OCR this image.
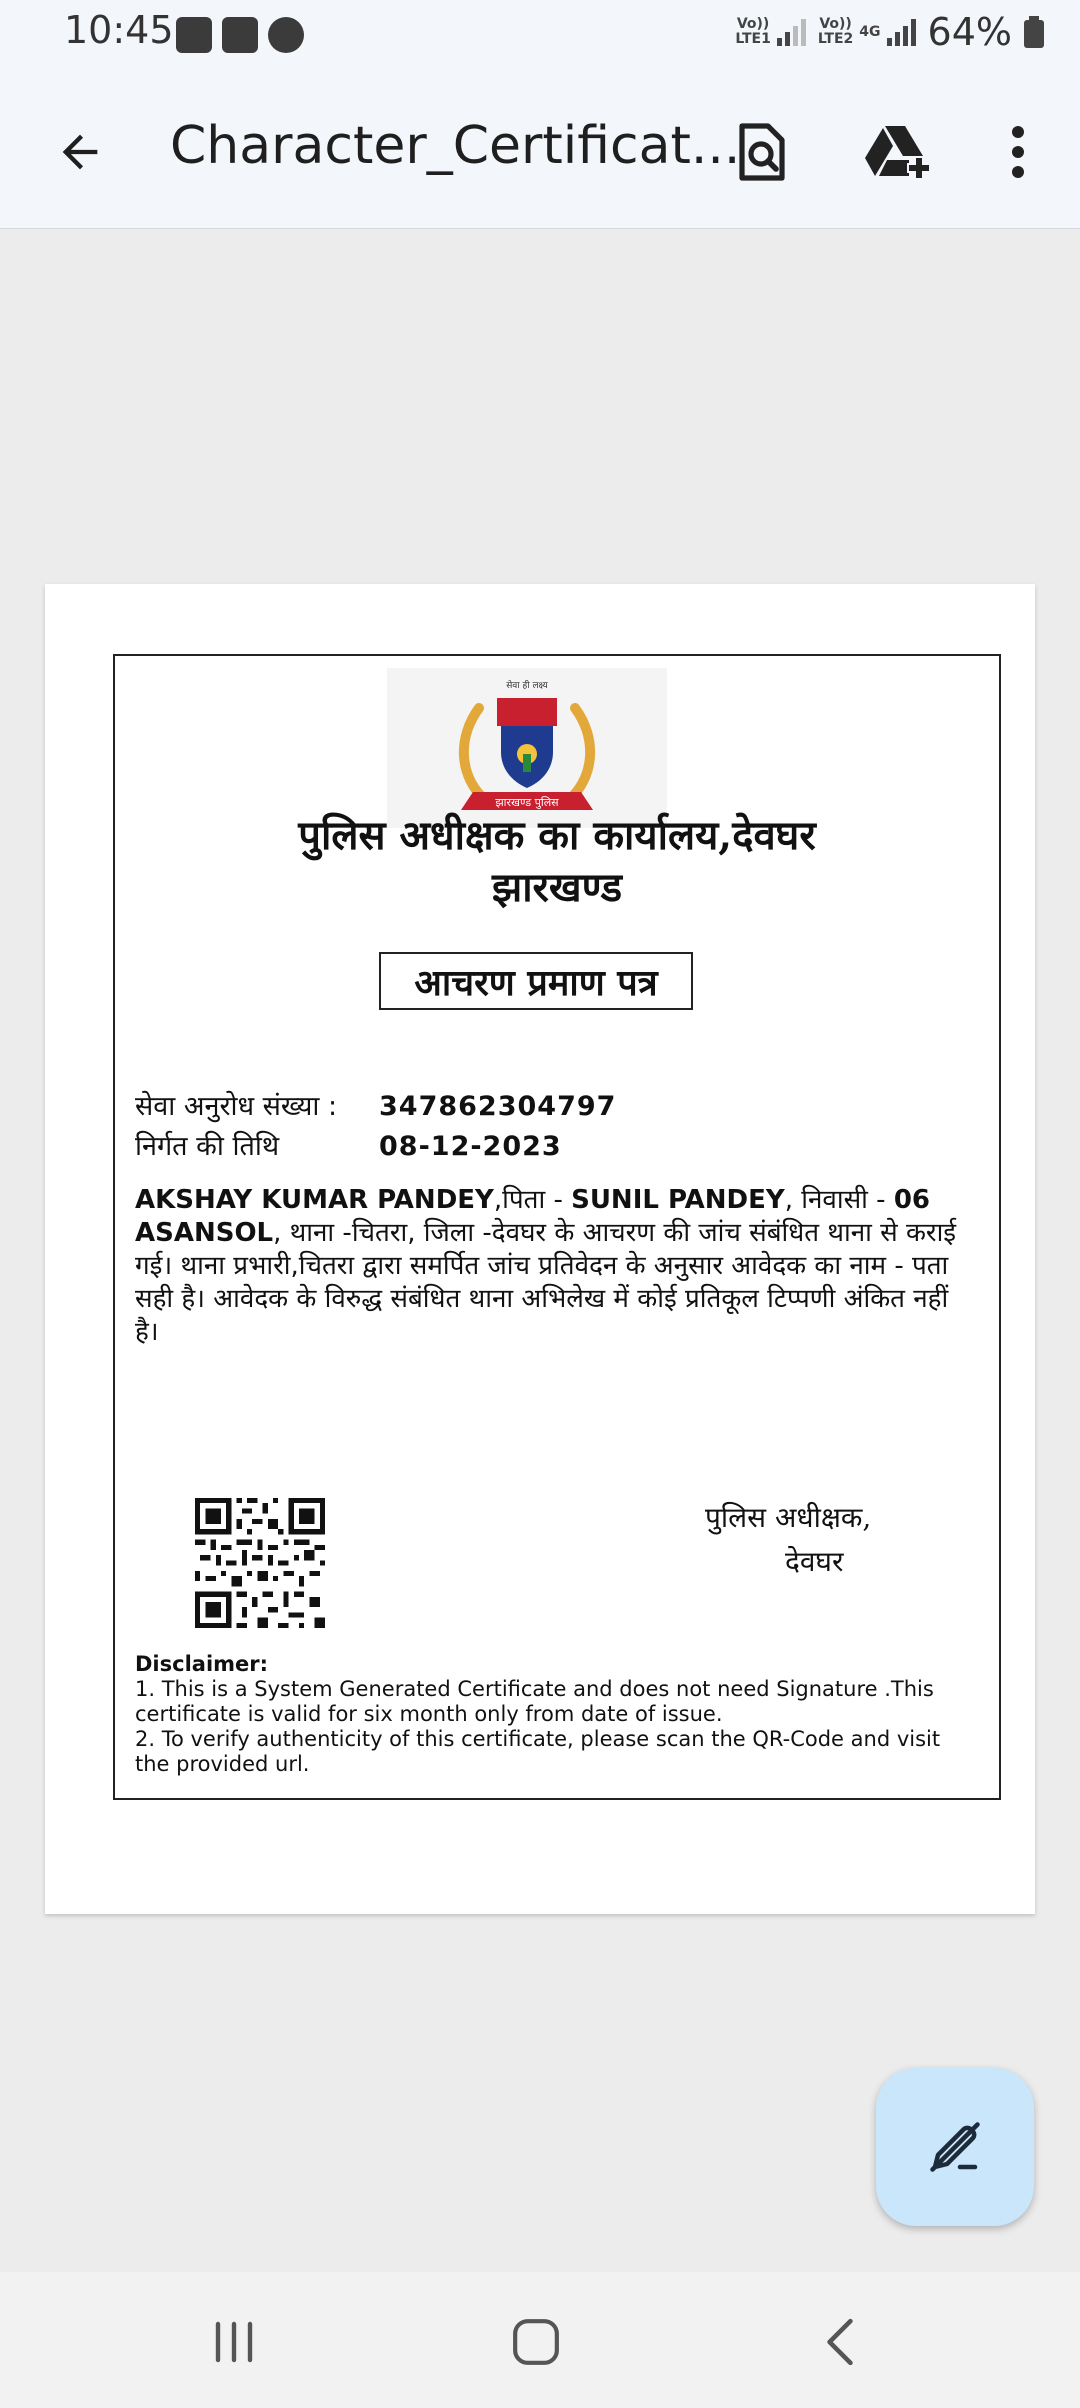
10:45	Vo))
LTE1
Vo))
LTE2 4G 64%
Character_Certificat...
झारखण्ड पुलिस
सेवा ही लक्ष्य
पुलिस अधीक्षक का कार्यालय,देवघर
झारखण्ड
आचरण प्रमाण पत्र
सेवा अनुरोध संख्या : 347862304797
निर्गत की तिथि	08-12-2023
AKSHAY KUMAR PANDEY,पिता - SUNIL PANDEY, निवासी - 06 ASANSOL, थाना -चितरा, जिला -देवघर के आचरण की जांच संबंधित थाना से कराई गई। थाना प्रभारी,चितरा द्वारा समर्पित जांच प्रतिवेदन के अनुसार आवेदक का नाम - पता सही है। आवेदक के विरुद्ध संबंधित थाना अभिलेख में कोई प्रतिकूल टिप्पणी अंकित नहीं है।
पुलिस अधीक्षक,
देवघर
Disclaimer:
1. This is a System Generated Certificate and does not need Signature .This certificate is valid for six month only from date of issue.
2. To verify authenticity of this certificate, please scan the QR-Code and visit the provided url.
